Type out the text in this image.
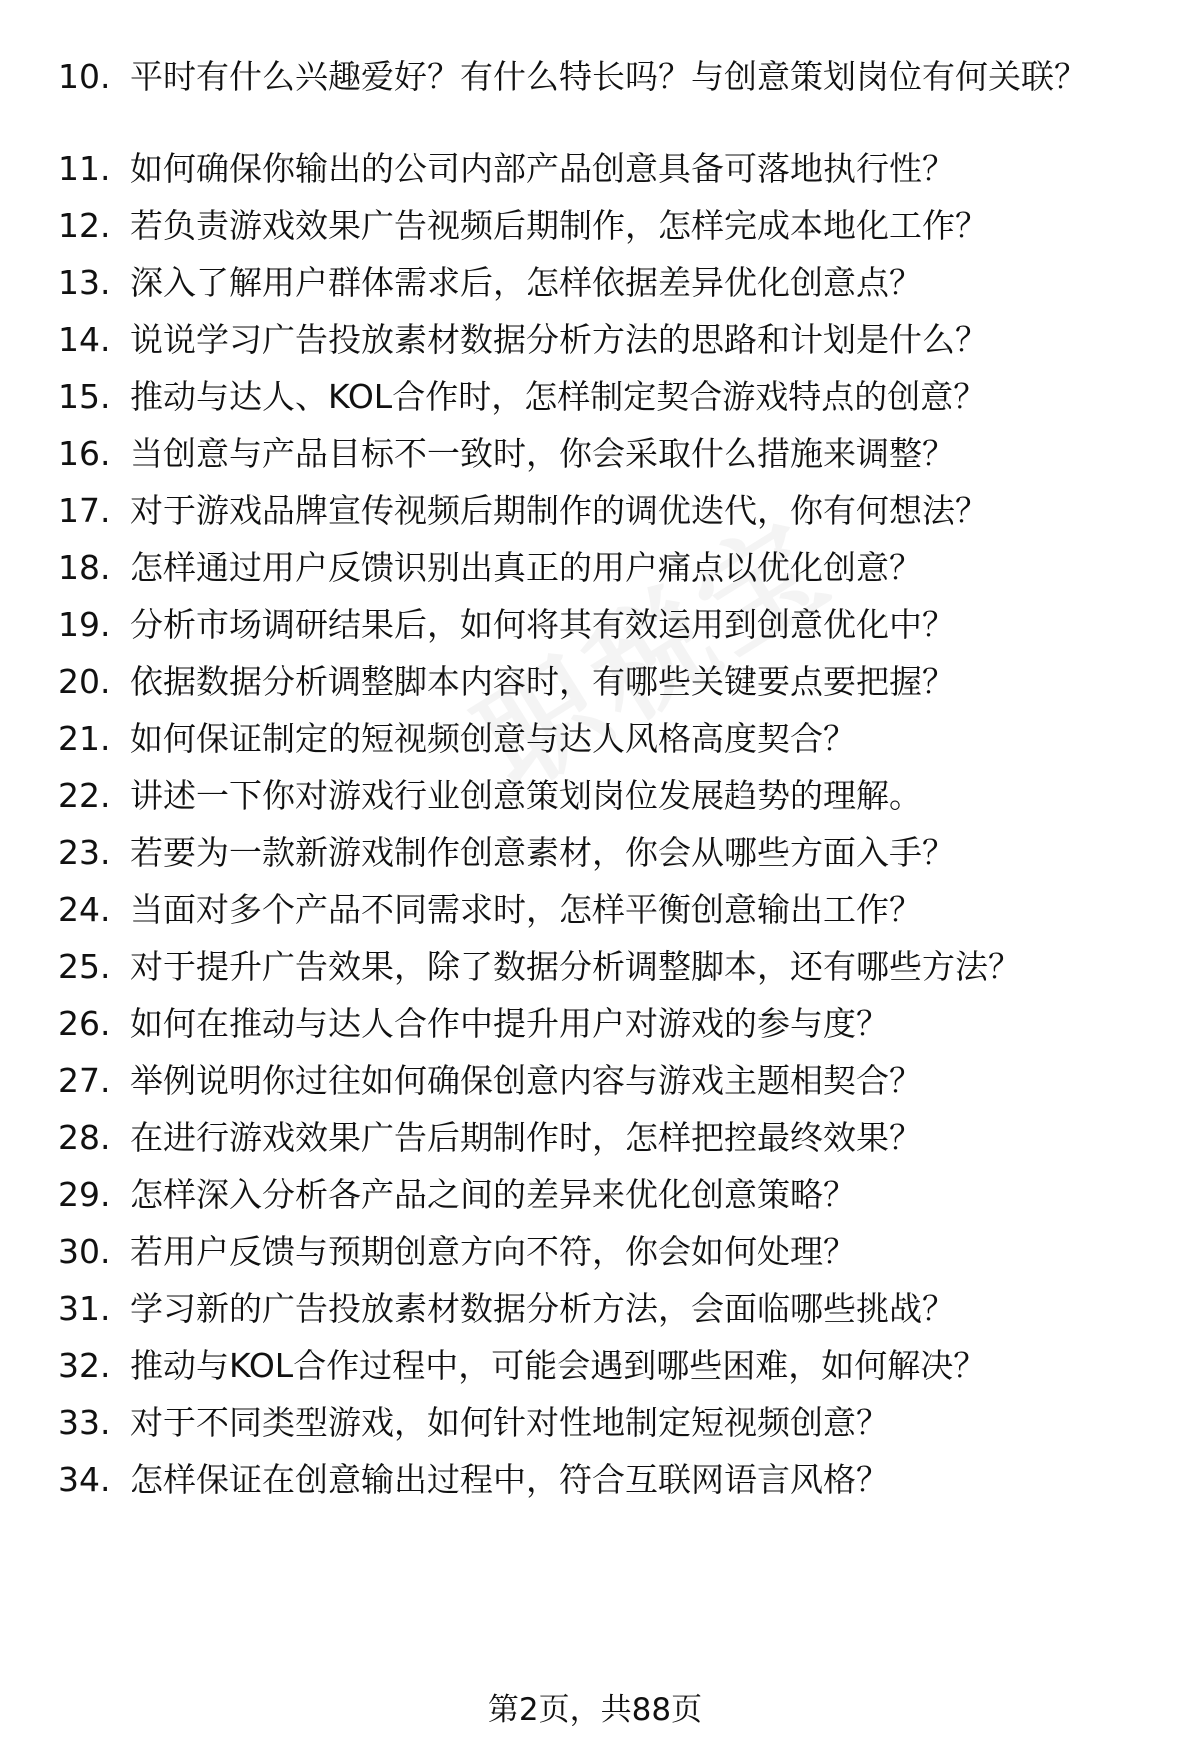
10. 平时有什么兴趣爱好？有什么特长吗？与创意策划岗位有何关联？
11. 如何确保你输出的公司内部产品创意具备可落地执行性？
12. 若负责游戏效果广告视频后期制作，怎样完成本地化工作？
13. 深入了解用户群体需求后，怎样依据差异优化创意点？
14. 说说学习广告投放素材数据分析方法的思路和计划是什么？
15. 推动与达人、KOL合作时，怎样制定契合游戏特点的创意？
16. 当创意与产品目标不一致时，你会采取什么措施来调整？
17. 对于游戏品牌宣传视频后期制作的调优迭代，你有何想法？
18. 怎样通过用户反馈识别出真正的用户痛点以优化创意？
19. 分析市场调研结果后，如何将其有效运用到创意优化中？
20. 依据数据分析调整脚本内容时，有哪些关键要点要把握？
21. 如何保证制定的短视频创意与达人风格高度契合？
22. 讲述一下你对游戏行业创意策划岗位发展趋势的理解。
23. 若要为一款新游戏制作创意素材，你会从哪些方面入手？
24. 当面对多个产品不同需求时，怎样平衡创意输出工作？
25. 对于提升广告效果，除了数据分析调整脚本，还有哪些方法？
26. 如何在推动与达人合作中提升用户对游戏的参与度？
27. 举例说明你过往如何确保创意内容与游戏主题相契合？
28. 在进行游戏效果广告后期制作时，怎样把控最终效果？
29. 怎样深入分析各产品之间的差异来优化创意策略？
30. 若用户反馈与预期创意方向不符，你会如何处理？
31. 学习新的广告投放素材数据分析方法，会面临哪些挑战？
32. 推动与KOL合作过程中，可能会遇到哪些困难，如何解决？
33. 对于不同类型游戏，如何针对性地制定短视频创意？
34. 怎样保证在创意输出过程中，符合互联网语言风格？
第2页，共88页
